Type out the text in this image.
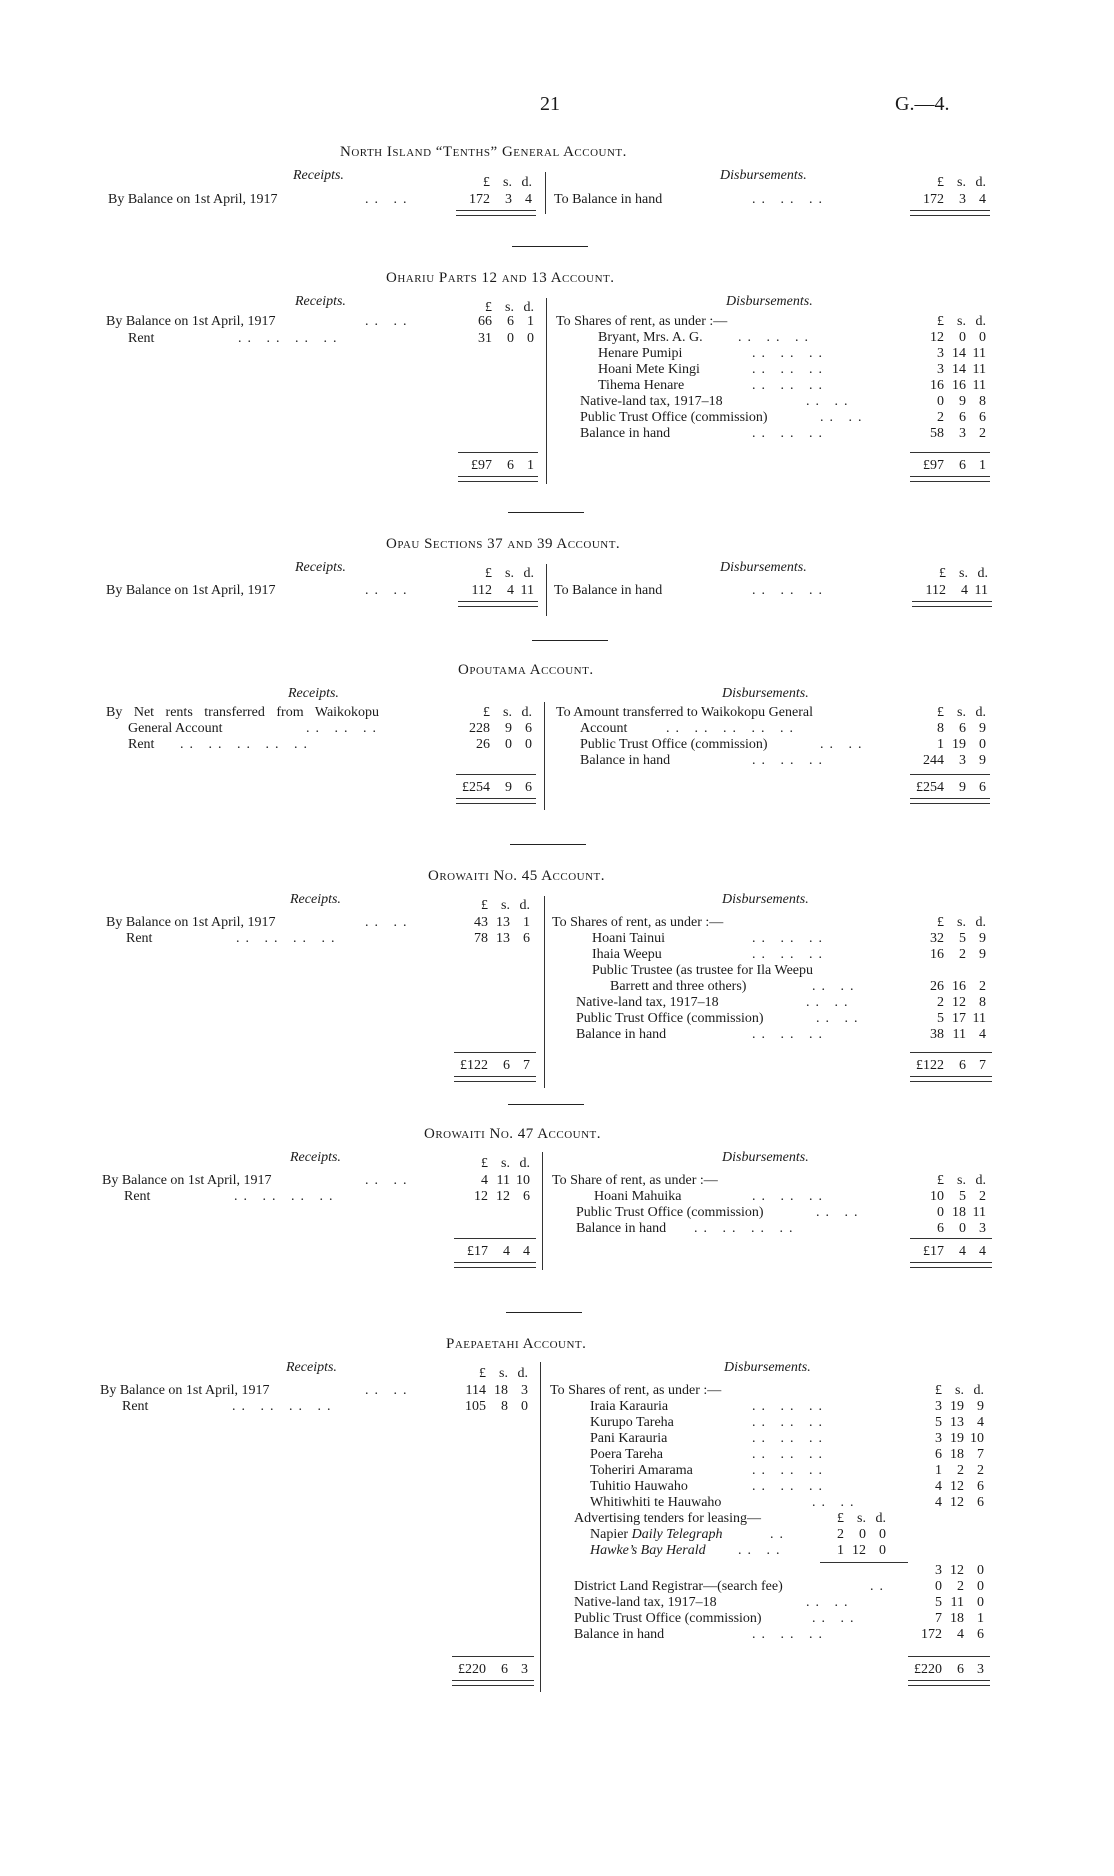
21	G.—4.
North Island “Tenths” General Account.
Receipts.	£ s. d.	Disbursements.	£ s. d.
By Balance on 1st April, 1917	.. ..	172 3 4 To Balance in hand	.. .. ..	172 3 4
Ohariu Parts 12 and 13 Account.
Receipts.	£ s. d.	Disbursements.
By Balance on 1st April, 1917	.. ..	66 6 1
Rent	.. .. .. ..	31 0 0
£97 6 1
To Shares of rent, as under :—	£ s. d.
Bryant, Mrs. A. G.	.. .. ..	12 0 0
Henare Pumipi	.. .. ..	3 14 11
Hoani Mete Kingi	.. .. ..	3 14 11
Tihema Henare	.. .. ..	16 16 11
Native-land tax, 1917–18	.. ..	0 9 8
Public Trust Office (commission)	.. ..	2 6 6
Balance in hand	.. .. ..	58 3 2
£97 6 1
Opau Sections 37 and 39 Account.
Receipts.	£ s. d.	Disbursements.	£ s. d.
By Balance on 1st April, 1917	.. ..	112 4 11 To Balance in hand	.. .. ..	112 4 11
Opoutama Account.
Receipts.	Disbursements.
By Net rents transferred from Waikokopu	£ s. d.
General Account	.. .. ..	228 9 6
Rent .. .. .. .. ..	26 0 0
£254 9 6
To Amount transferred to Waikokopu General	£ s. d.
Account	.. .. .. .. ..	8 6 9
Public Trust Office (commission)	.. ..	1 19 0
Balance in hand	.. .. ..	244 3 9
£254 9 6
Orowaiti No. 45 Account.
Receipts.	£ s. d.	Disbursements.
By Balance on 1st April, 1917	.. ..	43 13 1
Rent	.. .. .. ..	78 13 6
£122 6 7
To Shares of rent, as under :—	£ s. d.
Hoani Tainui	.. .. ..	32 5 9
Ihaia Weepu	.. .. ..	16 2 9
Public Trustee (as trustee for Ila Weepu
Barrett and three others)	.. ..	26 16 2
Native-land tax, 1917–18	.. ..	2 12 8
Public Trust Office (commission)	.. ..	5 17 11
Balance in hand	.. .. ..	38 11 4
£122 6 7
Orowaiti No. 47 Account.
Receipts.	£ s. d.	Disbursements.
By Balance on 1st April, 1917	.. ..	4 11 10
Rent	.. .. .. ..	12 12 6
£17 4 4
To Share of rent, as under :—	£ s. d.
Hoani Mahuika	.. .. ..	10 5 2
Public Trust Office (commission)	.. ..	0 18 11
Balance in hand .. .. .. ..	6 0 3
£17 4 4
Paepaetahi Account.
Receipts.	£ s. d.	Disbursements.
By Balance on 1st April, 1917	.. ..	114 18 3
Rent	.. .. .. ..	105 8 0
£220 6 3
To Shares of rent, as under :—	£ s. d.
Iraia Karauria	.. .. ..	3 19 9
Kurupo Tareha	.. .. ..	5 13 4
Pani Karauria	.. .. ..	3 19 10
Poera Tareha	.. .. ..	6 18 7
Toheriri Amarama	.. .. ..	1 2 2
Tuhitio Hauwaho	.. .. ..	4 12 6
Whitiwhiti te Hauwaho	.. ..	4 12 6
Advertising tenders for leasing—	£ s. d.
Napier Daily Telegraph	..	2 0 0
Hawke’s Bay Herald .. ..	1 12 0
3 12 0
District Land Registrar—(search fee)	..	0 2 0
Native-land tax, 1917–18	.. ..	5 11 0
Public Trust Office (commission)	.. ..	7 18 1
Balance in hand	.. .. ..	172 4 6
£220 6 3
